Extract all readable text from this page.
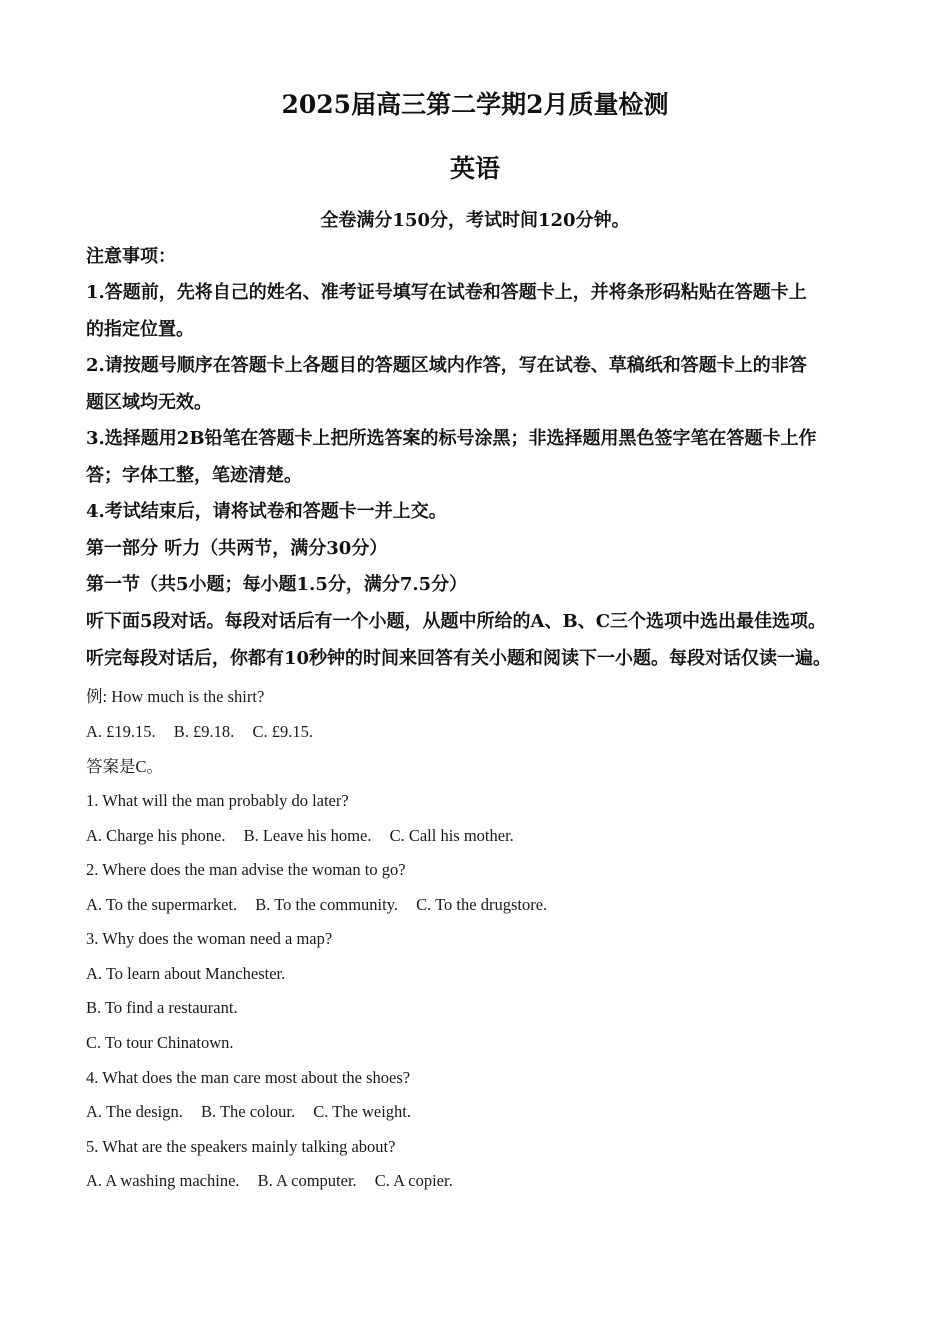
2025届高三第二学期2月质量检测
英语

全卷满分150分，考试时间120分钟。

注意事项：

1.答题前，先将自己的姓名、准考证号填写在试卷和答题卡上，并将条形码粘贴在答题卡上

的指定位置。

2.请按题号顺序在答题卡上各题目的答题区域内作答，写在试卷、草稿纸和答题卡上的非答

题区域均无效。

3.选择题用2B铅笔在答题卡上把所选答案的标号涂黑；非选择题用黑色签字笔在答题卡上作

答；字体工整，笔迹清楚。

4.考试结束后，请将试卷和答题卡一并上交。

第一部分 听力（共两节，满分30分）

第一节（共5小题；每小题1.5分，满分7.5分）

听下面5段对话。每段对话后有一个小题，从题中所给的A、B、C三个选项中选出最佳选项。

听完每段对话后，你都有10秒钟的时间来回答有关小题和阅读下一小题。每段对话仅读一遍。

例: How much is the shirt?

A. £19.15. B. £9.18. C. £9.15.

答案是C。

1. What will the man probably do later?

A. Charge his phone. B. Leave his home. C. Call his mother.

2. Where does the man advise the woman to go?

A. To the supermarket. B. To the community. C. To the drugstore.

3. Why does the woman need a map?

A. To learn about Manchester.

B. To find a restaurant.

C. To tour Chinatown.

4. What does the man care most about the shoes?

A. The design. B. The colour. C. The weight.

5. What are the speakers mainly talking about?

A. A washing machine. B. A computer. C. A copier.
